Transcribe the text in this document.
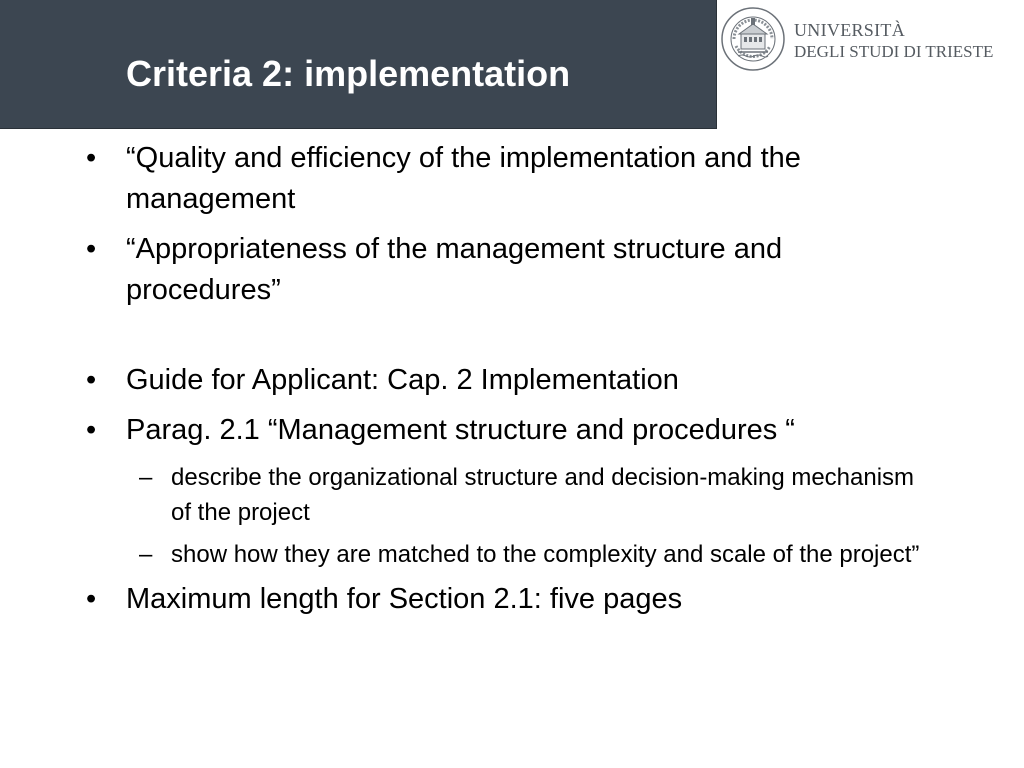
Criteria 2: implementation
UNIVERSITÀ
DEGLI STUDI DI TRIESTE
• “Quality and efficiency of the implementation and the management
• “Appropriateness of the management structure and procedures”
• Guide for Applicant: Cap. 2 Implementation
• Parag. 2.1 “Management structure and procedures “
– describe the organizational structure and decision-making mechanism of the project
– show how they are matched to the complexity and scale of the project”
• Maximum length for Section 2.1: five pages
